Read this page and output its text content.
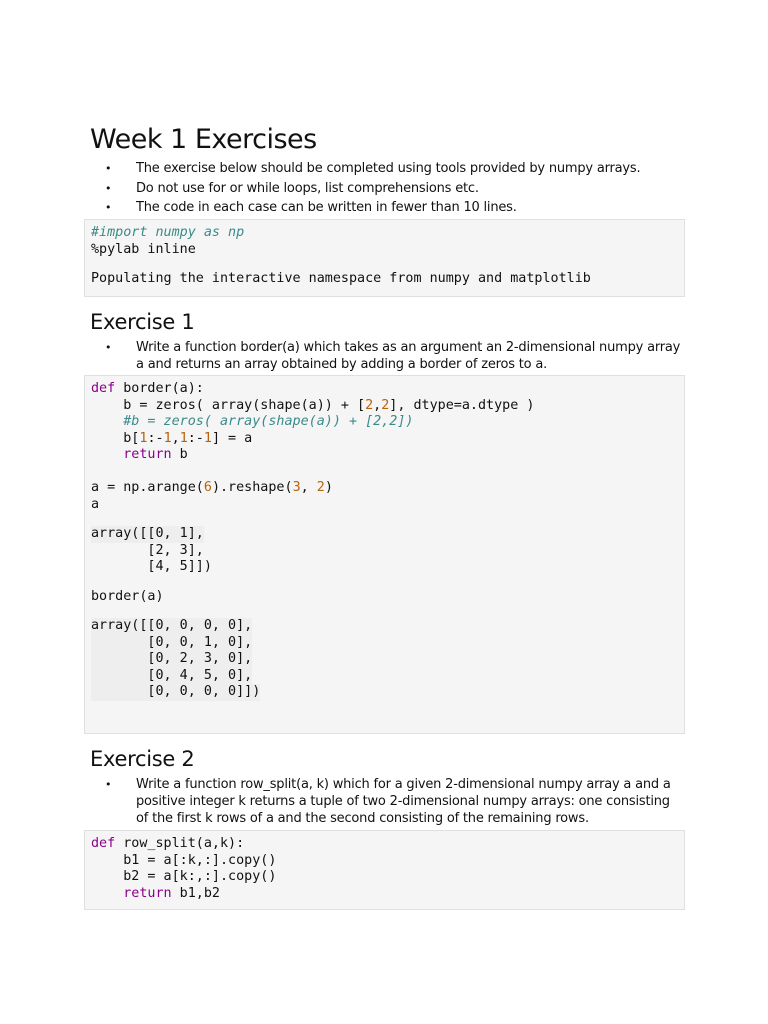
Week 1 Exercises
• The exercise below should be completed using tools provided by numpy arrays.
• Do not use for or while loops, list comprehensions etc.
• The code in each case can be written in fewer than 10 lines.
#import numpy as np
%pylab inline
Populating the interactive namespace from numpy and matplotlib
Exercise 1
• Write a function border(a) which takes as an argument an 2-dimensional numpy array a and returns an array obtained by adding a border of zeros to a.
def border(a):
b = zeros( array(shape(a)) + [2,2], dtype=a.dtype )
#b = zeros( array(shape(a)) + [2,2])
b[1:-1,1:-1] = a
return b

a = np.arange(6).reshape(3, 2)
a
array([[0, 1],
[2, 3],
[4, 5]])
border(a)
array([[0, 0, 0, 0],
[0, 0, 1, 0],
[0, 2, 3, 0],
[0, 4, 5, 0],
[0, 0, 0, 0]])
Exercise 2
• Write a function row_split(a, k) which for a given 2-dimensional numpy array a and a positive integer k returns a tuple of two 2-dimensional numpy arrays: one consisting of the first k rows of a and the second consisting of the remaining rows.
def row_split(a,k):
b1 = a[:k,:].copy()
b2 = a[k:,:].copy()
return b1,b2
